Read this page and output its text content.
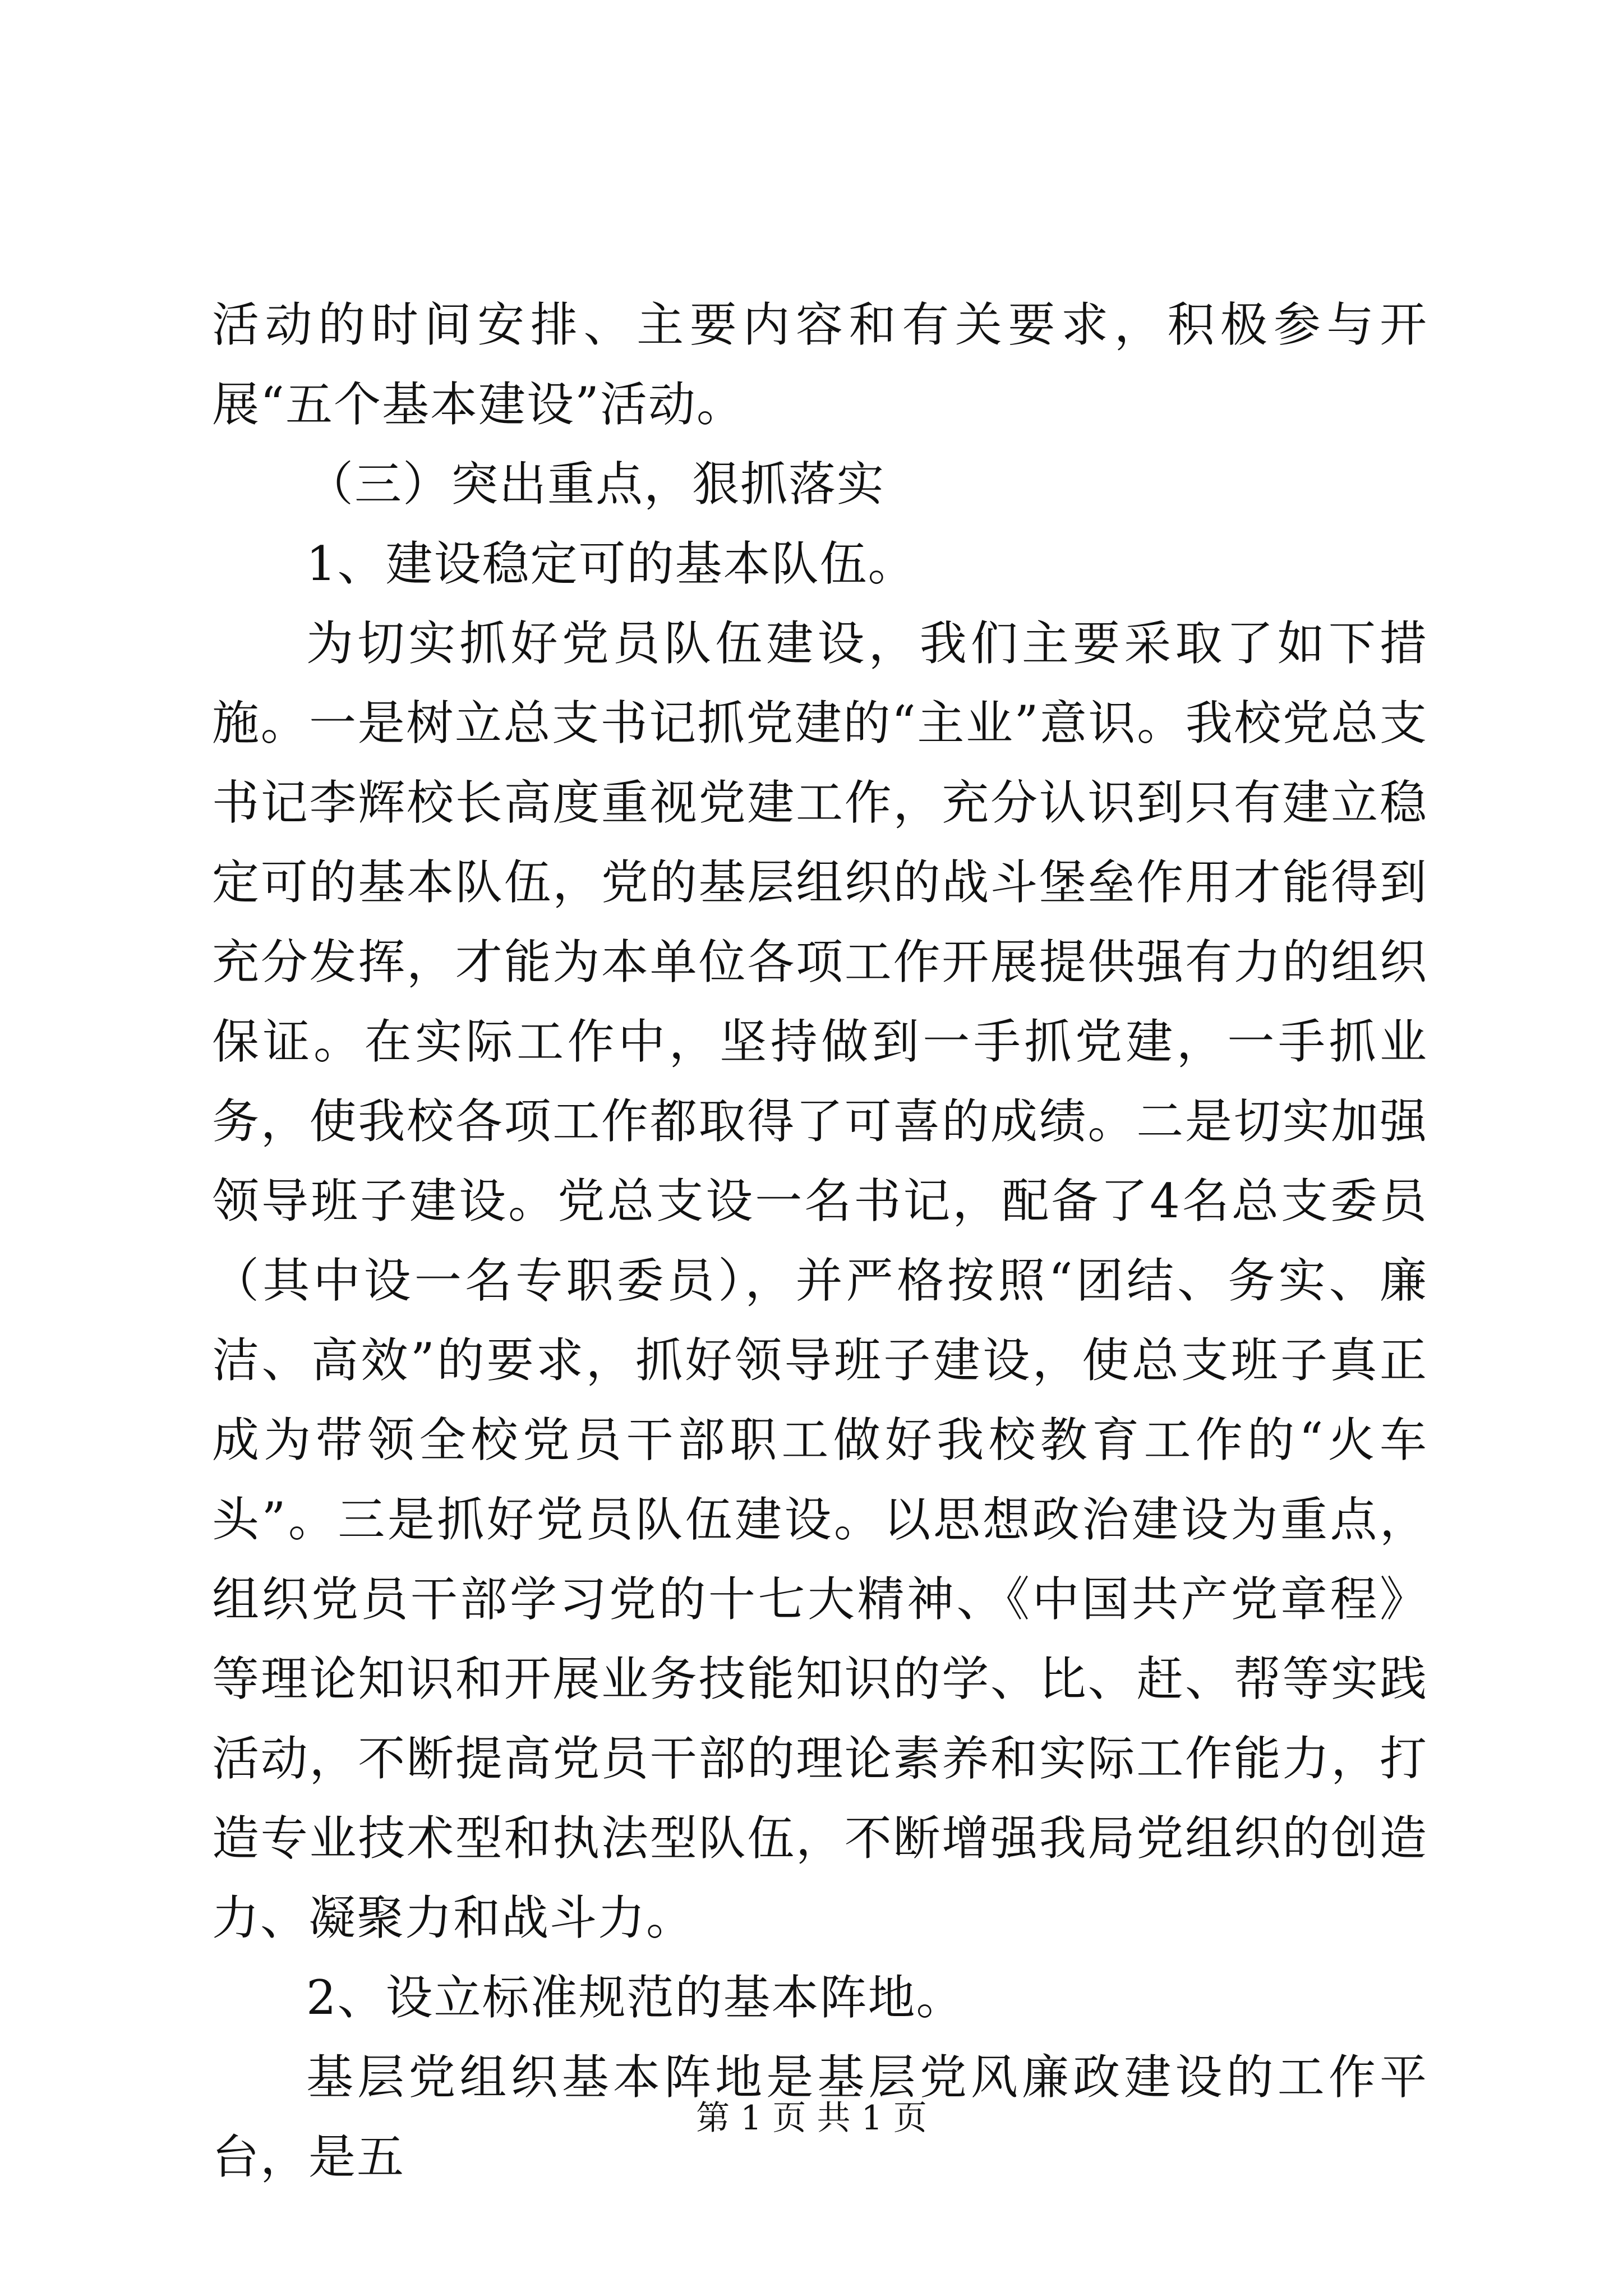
活动的时间安排、主要内容和有关要求，积极参与开展“五个基本建设”活动。

（三）突出重点，狠抓落实

1、建设稳定可的基本队伍。

为切实抓好党员队伍建设，我们主要采取了如下措施。一是树立总支书记抓党建的“主业”意识。我校党总支书记李辉校长高度重视党建工作，充分认识到只有建立稳定可的基本队伍，党的基层组织的战斗堡垒作用才能得到充分发挥，才能为本单位各项工作开展提供强有力的组织保证。在实际工作中，坚持做到一手抓党建，一手抓业务，使我校各项工作都取得了可喜的成绩。二是切实加强领导班子建设。党总支设一名书记，配备了4名总支委员（其中设一名专职委员），并严格按照“团结、务实、廉洁、高效”的要求，抓好领导班子建设，使总支班子真正成为带领全校党员干部职工做好我校教育工作的“火车头”。三是抓好党员队伍建设。以思想政治建设为重点，组织党员干部学习党的十七大精神、《中国共产党章程》等理论知识和开展业务技能知识的学、比、赶、帮等实践活动，不断提高党员干部的理论素养和实际工作能力，打造专业技术型和执法型队伍，不断增强我局党组织的创造力、凝聚力和战斗力。

2、设立标准规范的基本阵地。

基层党组织基本阵地是基层党风廉政建设的工作平台，是五

第 1 页 共 1 页
